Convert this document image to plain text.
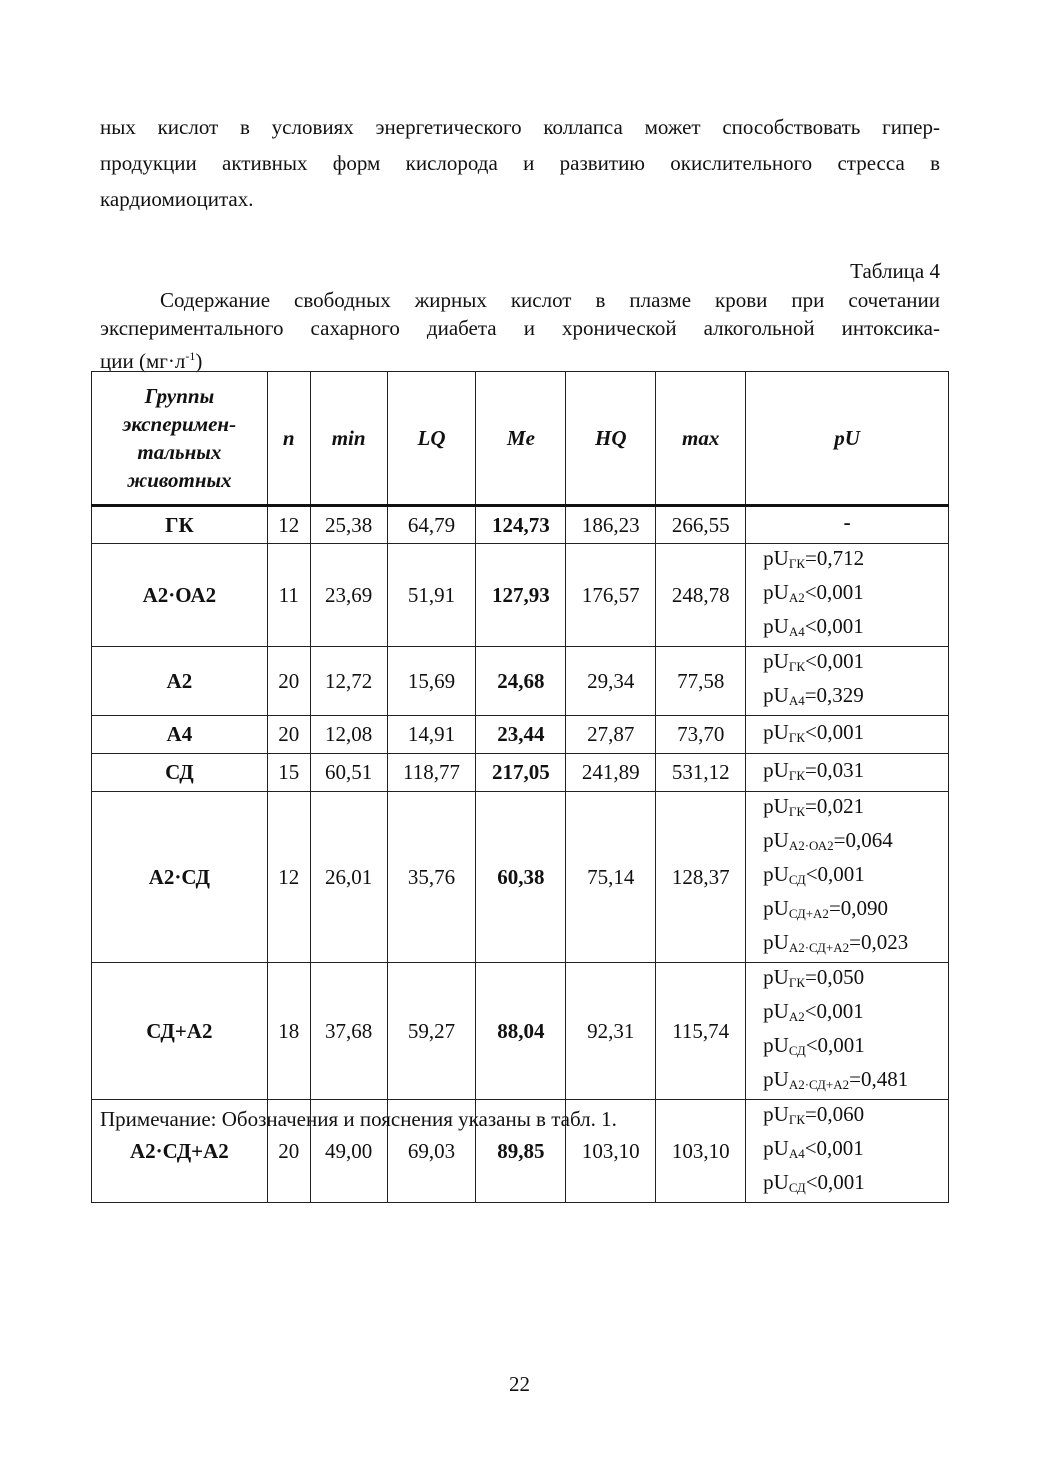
ных кислот в условиях энергетического коллапса может способствовать гипер-
продукции активных форм кислорода и развитию окислительного стресса в
кардиомиоцитах.

Таблица 4

Содержание свободных жирных кислот в плазме крови при сочетании
экспериментального сахарного диабета и хронической алкогольной интоксика-
ции $(мг\cdot л^{-1})$

Группы
эксперимен-
тальных
животных	n	min	LQ	Me	HQ	max	pU
ГК	12	25,38	64,79	124,73	186,23	266,55	-

А2·ОА2	11	23,69	51,91	127,93	176,57	248,78	$pU_{ГК}=0,712$
$pU_{А2}<0,001$
$pU_{А4}<0,001$

А2	20	12,72	15,69	24,68	29,34	77,58	$pU_{ГК}<0,001$
$pU_{А4}=0,329$

А4	20	12,08	14,91	23,44	27,87	73,70	$pU_{ГК}<0,001$

СД	15	60,51	118,77	217,05	241,89	531,12	$pU_{ГК}=0,031$

А2·СД	12	26,01	35,76	60,38	75,14	128,37	$pU_{ГК}=0,021$
$pU_{А2\cdot ОА2}=0,064$
$pU_{СД}<0,001$
$pU_{СД+А2}=0,090$
$pU_{А2\cdot СД+А2}=0,023$

СД+А2	18	37,68	59,27	88,04	92,31	115,74	$pU_{ГК}=0,050$
$pU_{А2}<0,001$
$pU_{СД}<0,001$
$pU_{А2\cdot СД+А2}=0,481$

А2·СД+А2	20	49,00	69,03	89,85	103,10	103,10	$pU_{ГК}=0,060$
$pU_{А4}<0,001$
$pU_{СД}<0,001$

Примечание: Обозначения и пояснения указаны в табл. 1.

22
